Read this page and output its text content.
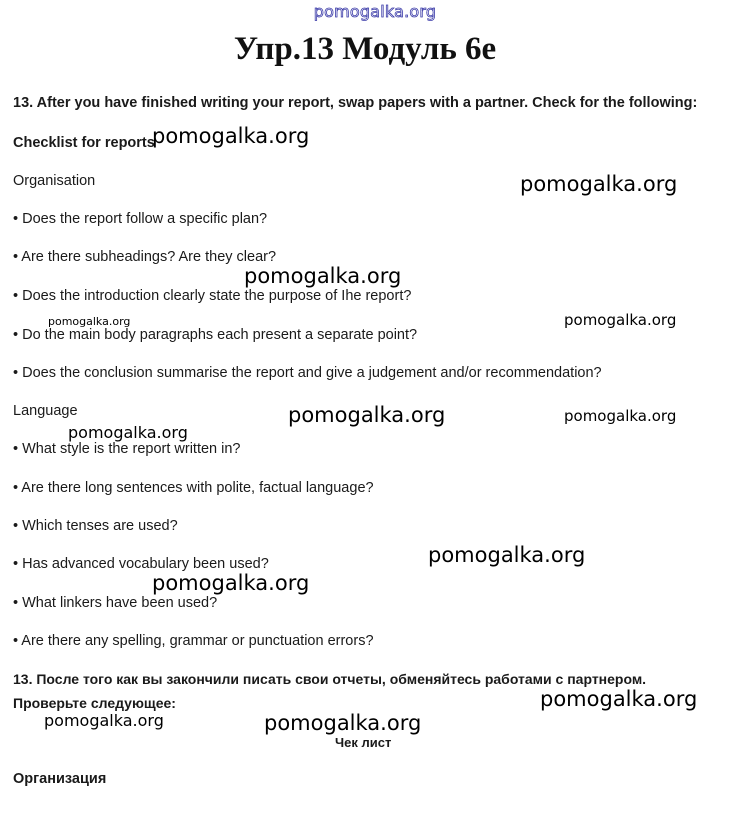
pomogalka.org
Упр.13 Модуль 6е
13. After you have finished writing your report, swap papers with a partner. Check for the following:
Checklist for reports
Organisation
• Does the report follow a specific plan?
• Are there subheadings? Are they clear?
• Does the introduction clearly state the purpose of Ihe report?
• Do the main body paragraphs each present a separate point?
• Does the conclusion summarise the report and give a judgement and/or recommendation?
Language
• What style is the report written in?
• Are there long sentences with polite, factual language?
• Which tenses are used?
• Has advanced vocabulary been used?
• What linkers have been used?
• Are there any spelling, grammar or punctuation errors?
13. После того как вы закончили писать свои отчеты, обменяйтесь работами с партнером.
Проверьте следующее:
Чек лист
Организация
pomogalka.org
pomogalka.org
pomogalka.org
pomogalka.org	pomogalka.org
pomogalka.org	pomogalka.org
pomogalka.org
pomogalka.org
pomogalka.org
pomogalka.org
pomogalka.org	pomogalka.org
